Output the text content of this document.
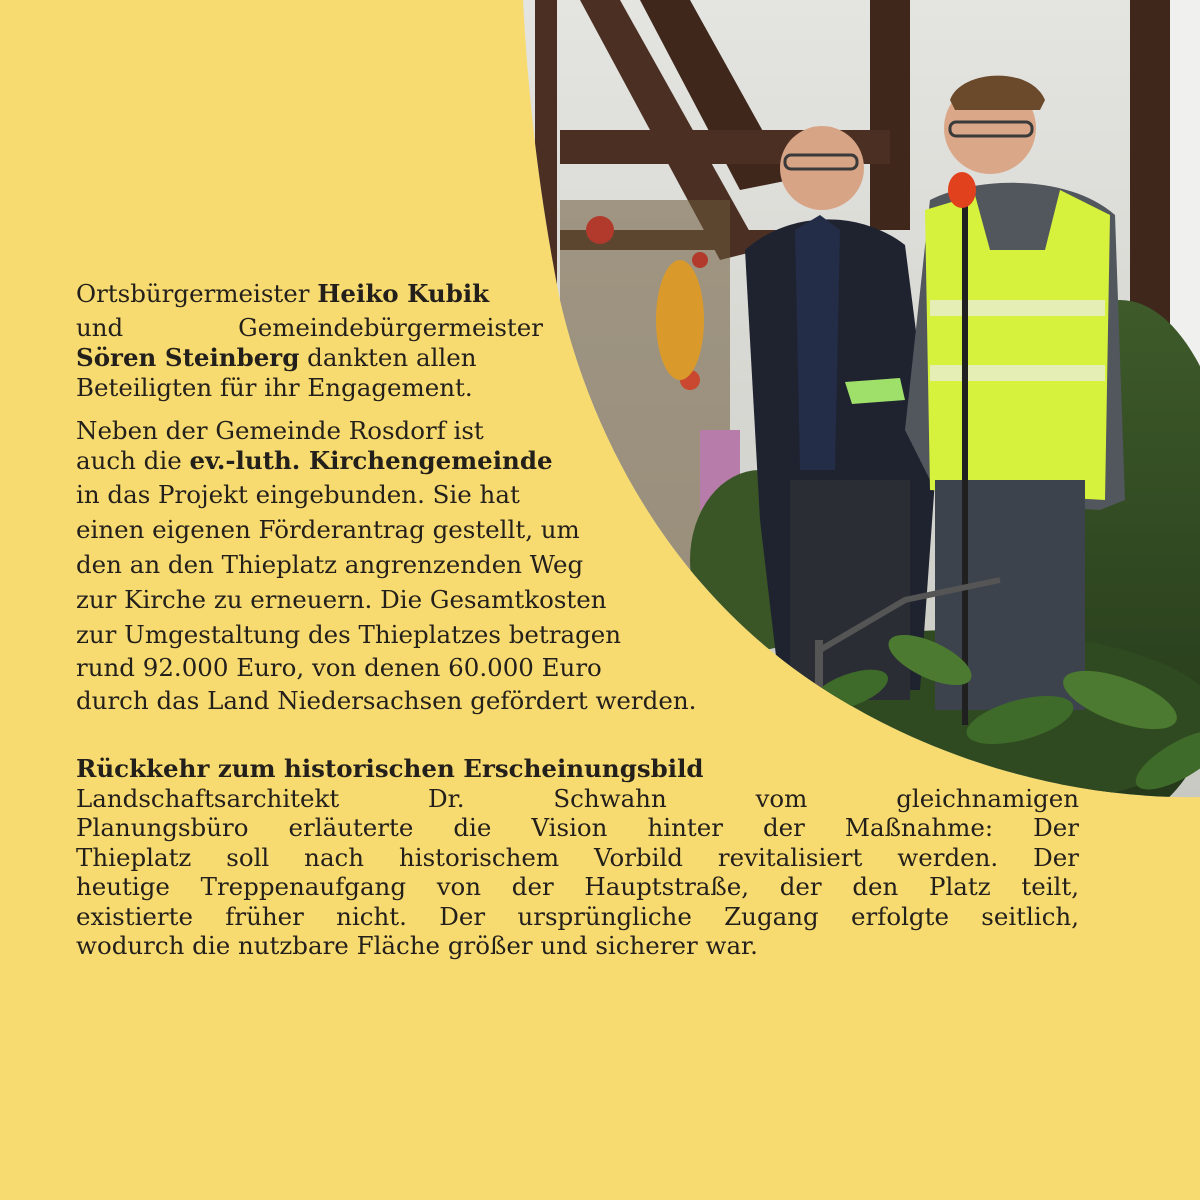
Ortsbürgermeister Heiko Kubik
und Gemeindebürgermeister
Sören Steinberg dankten allen
Beteiligten für ihr Engagement.
Neben der Gemeinde Rosdorf ist
auch die ev.-luth. Kirchengemeinde
in das Projekt eingebunden. Sie hat
einen eigenen Förderantrag gestellt, um
den an den Thieplatz angrenzenden Weg
zur Kirche zu erneuern. Die Gesamtkosten
zur Umgestaltung des Thieplatzes betragen
rund 92.000 Euro, von denen 60.000 Euro
durch das Land Niedersachsen gefördert werden.
Rückkehr zum historischen Erscheinungsbild
Landschaftsarchitekt Dr. Schwahn vom gleichnamigen
Planungsbüro erläuterte die Vision hinter der Maßnahme: Der
Thieplatz soll nach historischem Vorbild revitalisiert werden. Der
heutige Treppenaufgang von der Hauptstraße, der den Platz teilt,
existierte früher nicht. Der ursprüngliche Zugang erfolgte seitlich,
wodurch die nutzbare Fläche größer und sicherer war.
